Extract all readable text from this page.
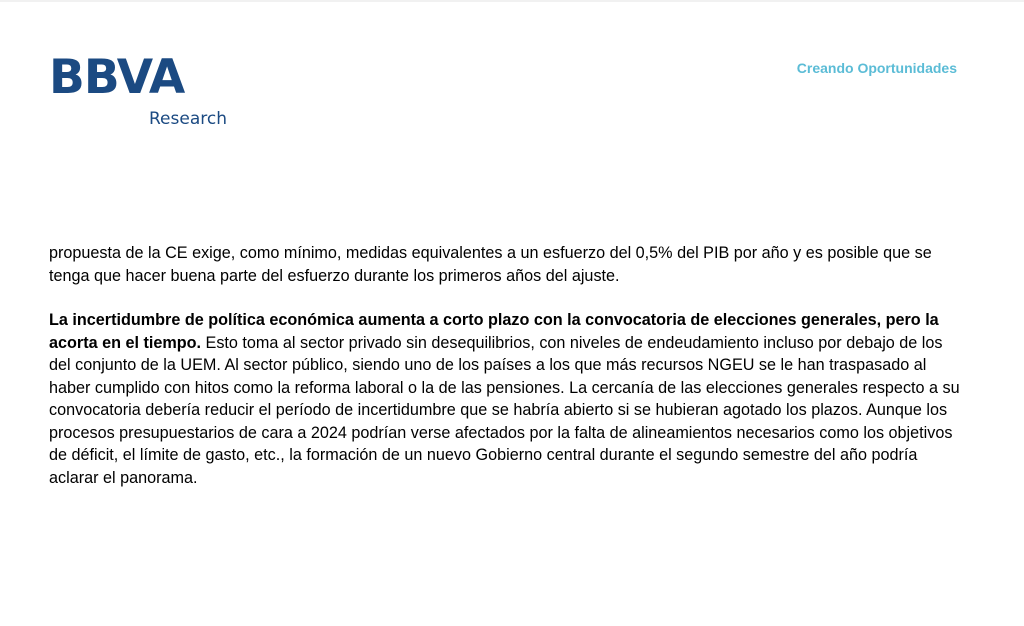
BBVA
Research
Creando Oportunidades

propuesta de la CE exige, como mínimo, medidas equivalentes a un esfuerzo del 0,5% del PIB por año y es posible que se tenga que hacer buena parte del esfuerzo durante los primeros años del ajuste.

La incertidumbre de política económica aumenta a corto plazo con la convocatoria de elecciones generales, pero la acorta en el tiempo. Esto toma al sector privado sin desequilibrios, con niveles de endeudamiento incluso por debajo de los del conjunto de la UEM. Al sector público, siendo uno de los países a los que más recursos NGEU se le han traspasado al haber cumplido con hitos como la reforma laboral o la de las pensiones. La cercanía de las elecciones generales respecto a su convocatoria debería reducir el período de incertidumbre que se habría abierto si se hubieran agotado los plazos. Aunque los procesos presupuestarios de cara a 2024 podrían verse afectados por la falta de alineamientos necesarios como los objetivos de déficit, el límite de gasto, etc., la formación de un nuevo Gobierno central durante el segundo semestre del año podría aclarar el panorama.
